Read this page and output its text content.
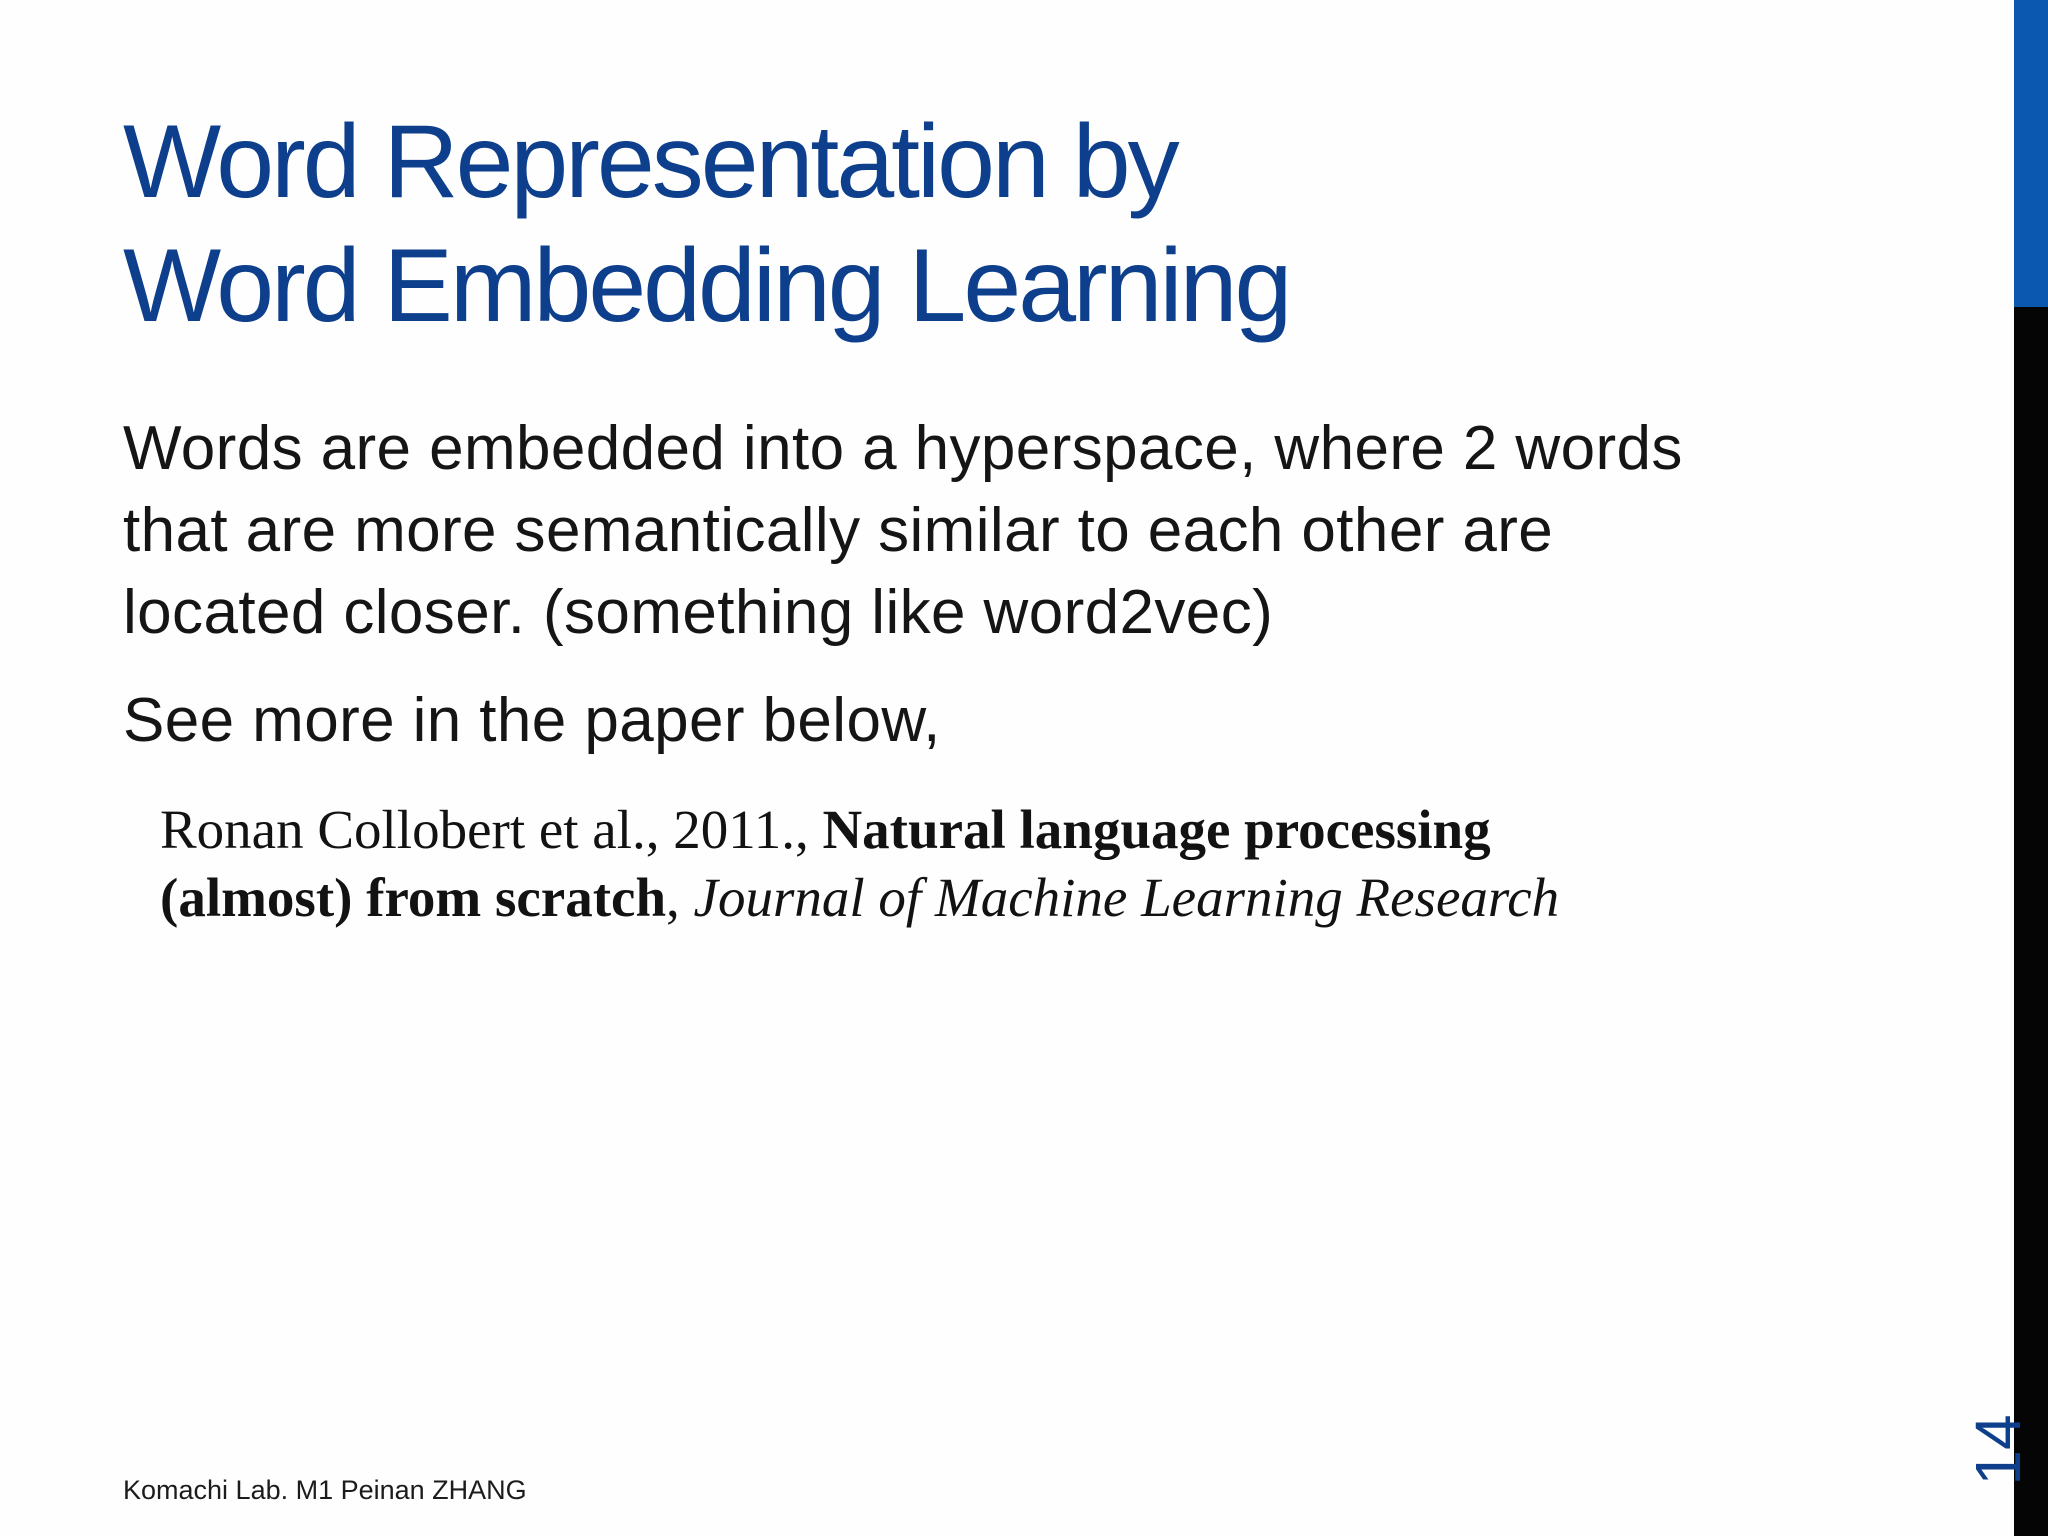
Word Representation by
Word Embedding Learning

Words are embedded into a hyperspace, where 2 words
that are more semantically similar to each other are
located closer. (something like word2vec)

See more in the paper below,

Ronan Collobert et al., 2011., Natural language processing
(almost) from scratch, Journal of Machine Learning Research
Komachi Lab. M1 Peinan ZHANG
14
